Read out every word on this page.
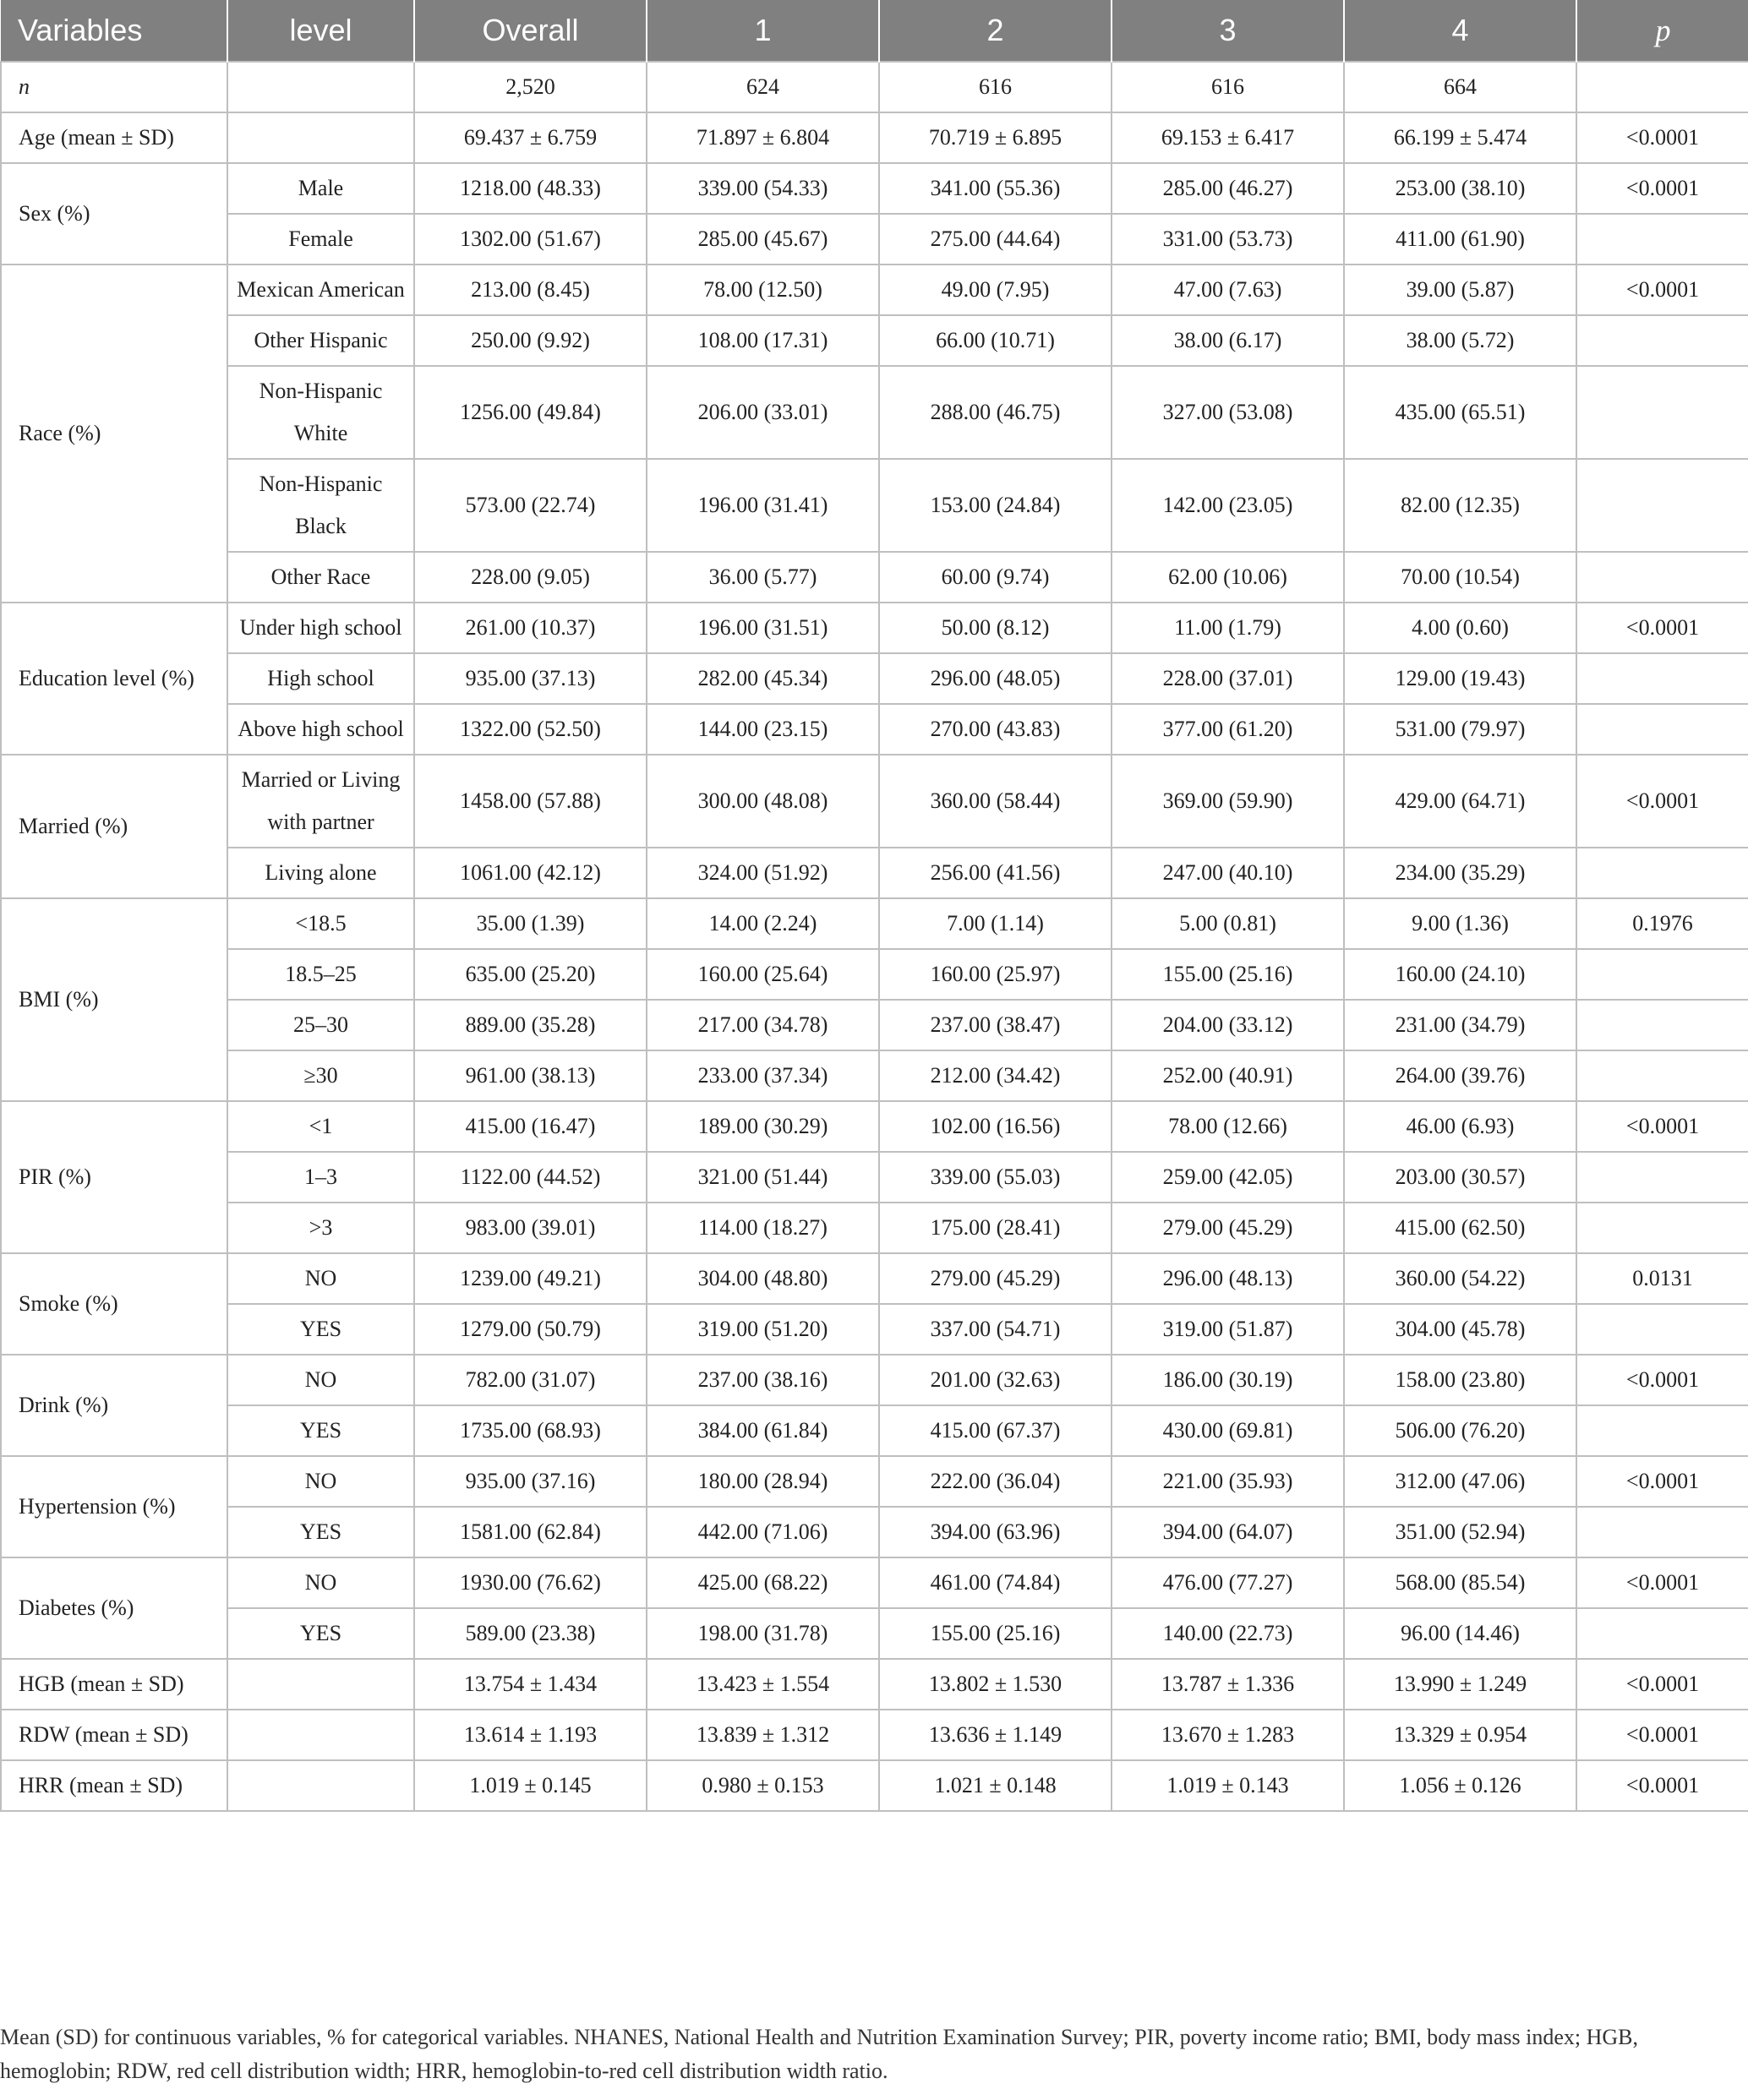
Variables	level	Overall	1	2	3	4	p
n		2,520	624	616	616	664	
Age (mean ± SD)		69.437 ± 6.759	71.897 ± 6.804	70.719 ± 6.895	69.153 ± 6.417	66.199 ± 5.474	<0.0001
Sex (%)	Male	1218.00 (48.33)	339.00 (54.33)	341.00 (55.36)	285.00 (46.27)	253.00 (38.10)	<0.0001
	Female	1302.00 (51.67)	285.00 (45.67)	275.00 (44.64)	331.00 (53.73)	411.00 (61.90)	
Race (%)	Mexican American	213.00 (8.45)	78.00 (12.50)	49.00 (7.95)	47.00 (7.63)	39.00 (5.87)	<0.0001
	Other Hispanic	250.00 (9.92)	108.00 (17.31)	66.00 (10.71)	38.00 (6.17)	38.00 (5.72)	
	Non-Hispanic White	1256.00 (49.84)	206.00 (33.01)	288.00 (46.75)	327.00 (53.08)	435.00 (65.51)	
	Non-Hispanic Black	573.00 (22.74)	196.00 (31.41)	153.00 (24.84)	142.00 (23.05)	82.00 (12.35)	
	Other Race	228.00 (9.05)	36.00 (5.77)	60.00 (9.74)	62.00 (10.06)	70.00 (10.54)	
Education level (%)	Under high school	261.00 (10.37)	196.00 (31.51)	50.00 (8.12)	11.00 (1.79)	4.00 (0.60)	<0.0001
	High school	935.00 (37.13)	282.00 (45.34)	296.00 (48.05)	228.00 (37.01)	129.00 (19.43)	
	Above high school	1322.00 (52.50)	144.00 (23.15)	270.00 (43.83)	377.00 (61.20)	531.00 (79.97)	
Married (%)	Married or Living with partner	1458.00 (57.88)	300.00 (48.08)	360.00 (58.44)	369.00 (59.90)	429.00 (64.71)	<0.0001
	Living alone	1061.00 (42.12)	324.00 (51.92)	256.00 (41.56)	247.00 (40.10)	234.00 (35.29)	
BMI (%)	<18.5	35.00 (1.39)	14.00 (2.24)	7.00 (1.14)	5.00 (0.81)	9.00 (1.36)	0.1976
	18.5–25	635.00 (25.20)	160.00 (25.64)	160.00 (25.97)	155.00 (25.16)	160.00 (24.10)	
	25–30	889.00 (35.28)	217.00 (34.78)	237.00 (38.47)	204.00 (33.12)	231.00 (34.79)	
	≥30	961.00 (38.13)	233.00 (37.34)	212.00 (34.42)	252.00 (40.91)	264.00 (39.76)	
PIR (%)	<1	415.00 (16.47)	189.00 (30.29)	102.00 (16.56)	78.00 (12.66)	46.00 (6.93)	<0.0001
	1–3	1122.00 (44.52)	321.00 (51.44)	339.00 (55.03)	259.00 (42.05)	203.00 (30.57)	
	>3	983.00 (39.01)	114.00 (18.27)	175.00 (28.41)	279.00 (45.29)	415.00 (62.50)	
Smoke (%)	NO	1239.00 (49.21)	304.00 (48.80)	279.00 (45.29)	296.00 (48.13)	360.00 (54.22)	0.0131
	YES	1279.00 (50.79)	319.00 (51.20)	337.00 (54.71)	319.00 (51.87)	304.00 (45.78)	
Drink (%)	NO	782.00 (31.07)	237.00 (38.16)	201.00 (32.63)	186.00 (30.19)	158.00 (23.80)	<0.0001
	YES	1735.00 (68.93)	384.00 (61.84)	415.00 (67.37)	430.00 (69.81)	506.00 (76.20)	
Hypertension (%)	NO	935.00 (37.16)	180.00 (28.94)	222.00 (36.04)	221.00 (35.93)	312.00 (47.06)	<0.0001
	YES	1581.00 (62.84)	442.00 (71.06)	394.00 (63.96)	394.00 (64.07)	351.00 (52.94)	
Diabetes (%)	NO	1930.00 (76.62)	425.00 (68.22)	461.00 (74.84)	476.00 (77.27)	568.00 (85.54)	<0.0001
	YES	589.00 (23.38)	198.00 (31.78)	155.00 (25.16)	140.00 (22.73)	96.00 (14.46)	
HGB (mean ± SD)		13.754 ± 1.434	13.423 ± 1.554	13.802 ± 1.530	13.787 ± 1.336	13.990 ± 1.249	<0.0001
RDW (mean ± SD)		13.614 ± 1.193	13.839 ± 1.312	13.636 ± 1.149	13.670 ± 1.283	13.329 ± 0.954	<0.0001
HRR (mean ± SD)		1.019 ± 0.145	0.980 ± 0.153	1.021 ± 0.148	1.019 ± 0.143	1.056 ± 0.126	<0.0001
Mean (SD) for continuous variables, % for categorical variables. NHANES, National Health and Nutrition Examination Survey; PIR, poverty income ratio; BMI, body mass index; HGB, hemoglobin; RDW, red cell distribution width; HRR, hemoglobin-to-red cell distribution width ratio.
